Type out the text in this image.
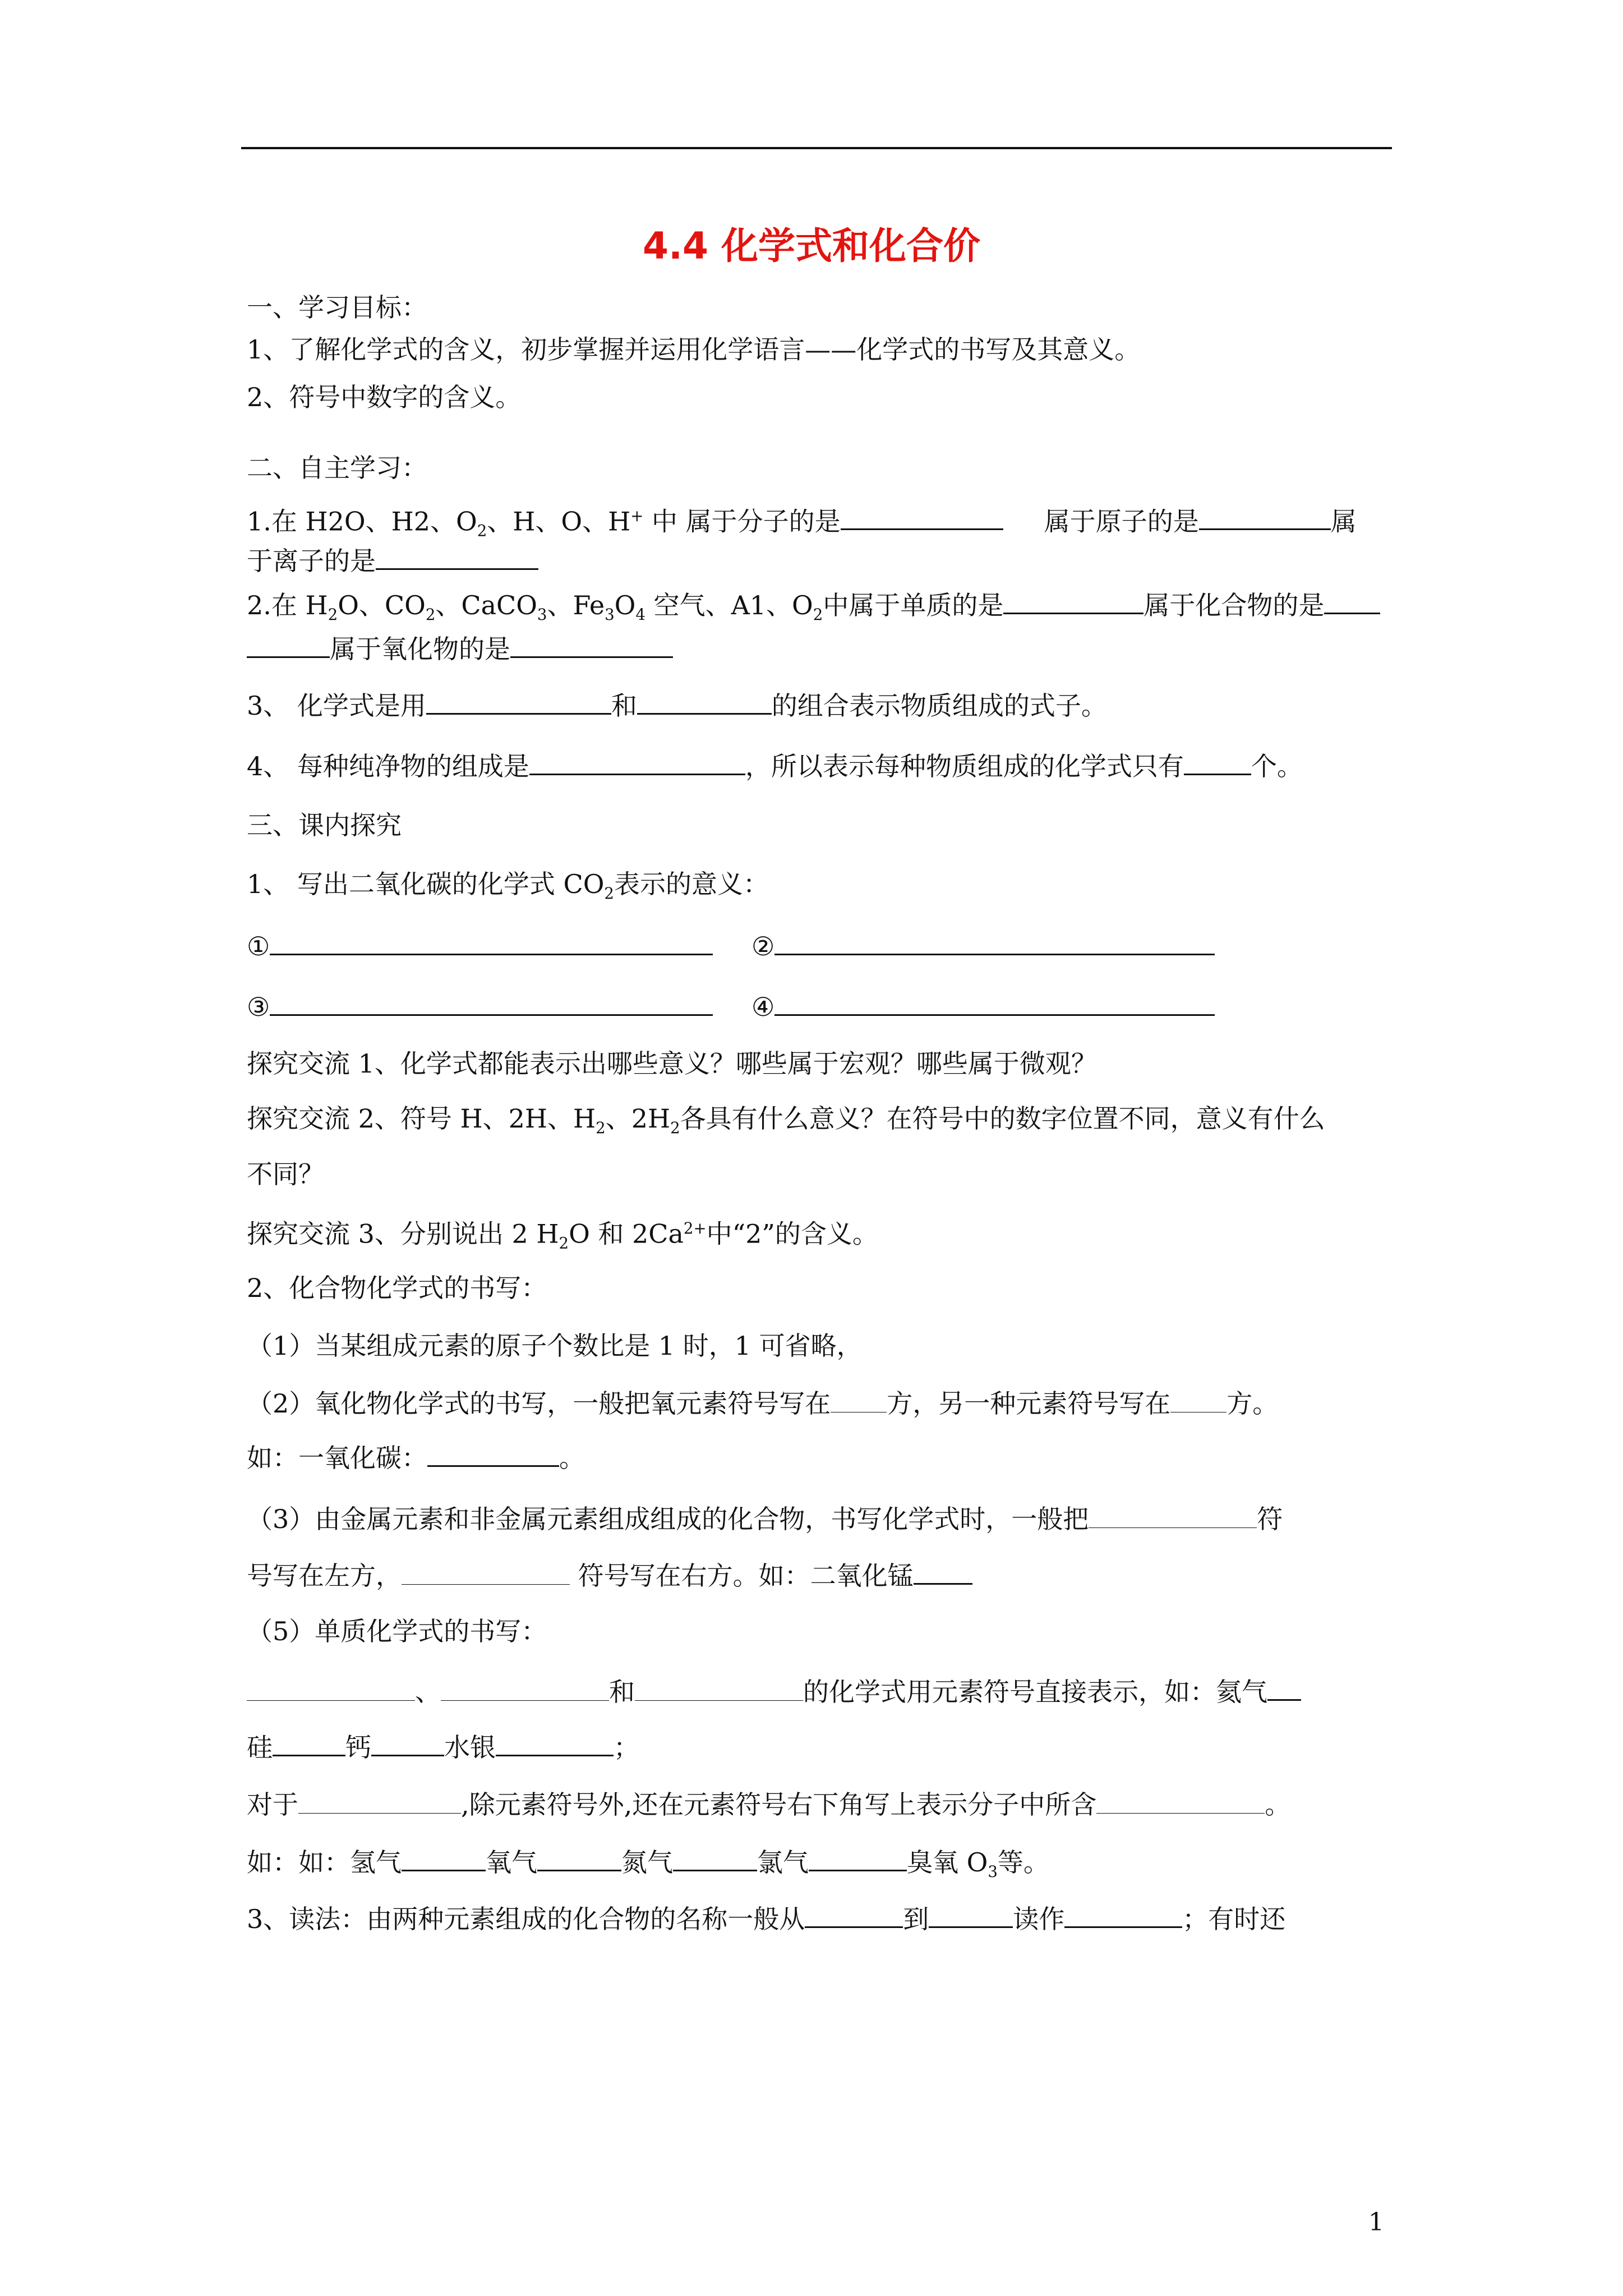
4.4 化学式和化合价
一、学习目标：
1、了解化学式的含义，初步掌握并运用化学语言——化学式的书写及其意义。
2、符号中数字的含义。
二、自主学习：
1.在 H2O、H2、$O_2$、H、O、H+ 中 属于分子的是	属于原子的是	属
于离子的是
2.在 $H_2O$、$CO_2$、CaCO$_3$、$Fe_3O_4$ 空气、A1、$O_2$中属于单质的是	属于化合物的是
属于氧化物的是
3、 化学式是用	和	的组合表示物质组成的式子。
4、 每种纯净物的组成是	，所以表示每种物质组成的化学式只有	个。
三、课内探究
1、 写出二氧化碳的化学式 $CO_2$表示的意义：
①	②
③	④
探究交流 1、化学式都能表示出哪些意义？哪些属于宏观？哪些属于微观？
探究交流 2、符号 H、2H、$H_2$、$2H_2$各具有什么意义？在符号中的数字位置不同，意义有什么
不同？
探究交流 3、分别说出 2 $H_2O$ 和 $2Ca^{2+}$中“2”的含义。
2、化合物化学式的书写：
（1）当某组成元素的原子个数比是 1 时，1 可省略，
（2）氧化物化学式的书写，一般把氧元素符号写在 方，另一种元素符号写在 方。
如：一氧化碳：	。
（3）由金属元素和非金属元素组成组成的化合物，书写化学式时，一般把	符
号写在左方，	符号写在右方。如：二氧化锰
（5）单质化学式的书写：
、	和	的化学式用元素符号直接表示，如：氦气
硅	钙	水银	；
对于	,除元素符号外,还在元素符号右下角写上表示分子中所含	。
如：如：氢气	氧气	氮气	氯气	臭氧 $O_3$等。
3、读法：由两种元素组成的化合物的名称一般从	到	读作	；有时还
1
